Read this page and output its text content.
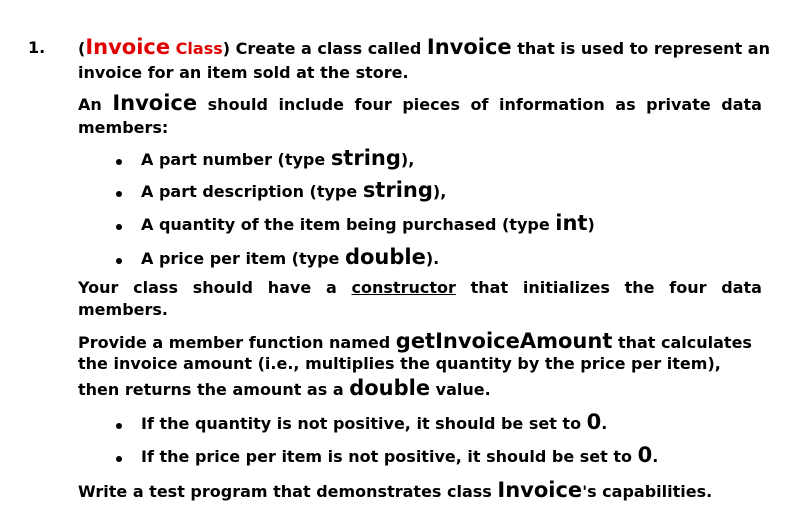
1. (Invoice Class) Create a class called Invoice that is used to represent an
invoice for an item sold at the store.
An Invoice should include four pieces of information as private data
members:
A part number (type string),
A part description (type string),
A quantity of the item being purchased (type int)
A price per item (type double).
Your class should have a constructor that initializes the four data
members.
Provide a member function named getInvoiceAmount that calculates
the invoice amount (i.e., multiplies the quantity by the price per item),
then returns the amount as a double value.
If the quantity is not positive, it should be set to 0.
If the price per item is not positive, it should be set to 0.
Write a test program that demonstrates class Invoice's capabilities.
